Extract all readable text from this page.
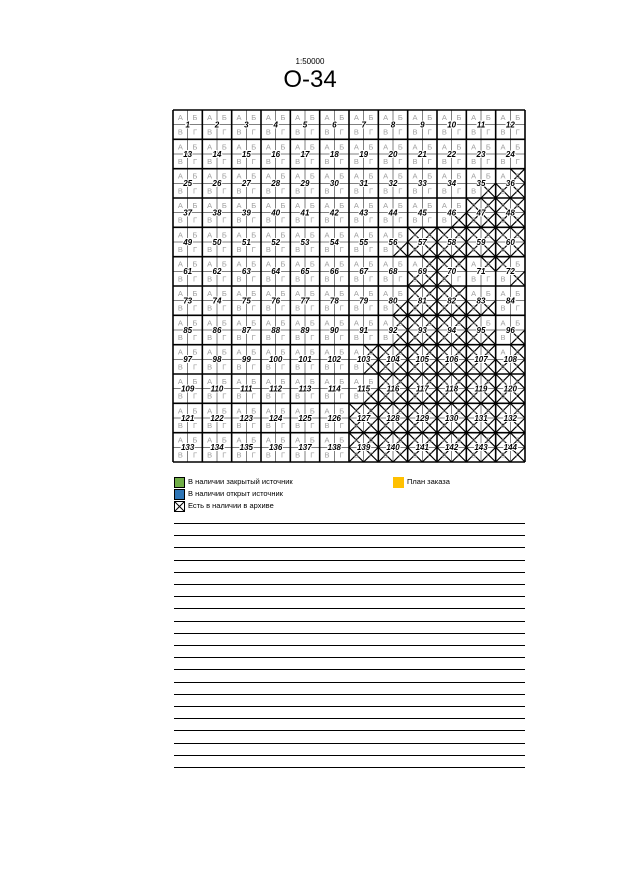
1:50000
O-34
А Б
В Г
А Б
В Г
А Б
В Г
А Б
В Г
А Б
В Г
А Б
В Г
А Б
В Г
А Б
В Г
А Б
В Г
А Б
В Г
А Б
В Г
А Б
В Г
А Б
В Г
А Б
В Г
А Б
В Г
А Б
В Г
А Б
В Г
А Б
В Г
А Б
В Г
А Б
В Г
А Б
В Г
А Б
В Г
А Б
В Г
А Б
В Г
А Б
В Г
А Б
В Г
А Б
В Г
А Б
В Г
А Б
В Г
А Б
В Г
А Б
В Г
А Б
В Г
А Б
В Г
А Б
В Г
А Б
В Г
А Б
В Г
А Б
В Г
А Б
В Г
А Б
В Г
А Б
В Г
А Б
В Г
А Б
В Г
А Б
В Г
А Б
В Г
А Б
В Г
А Б
В Г
А Б
В Г
А Б
В Г
А Б
В Г
А Б
В Г
А Б
В Г
А Б
В Г
А Б
В Г
А Б
В Г
А Б
В Г
А Б
В Г
А Б
В Г
А Б
В Г
А Б
В Г
А Б
В Г
А Б
В Г
А Б
В Г
А Б
В Г
А Б
В Г
А Б
В Г
А Б
В Г
А Б
В Г
А Б
В Г
А Б
В Г
А Б
В Г
А Б
В Г
А Б
В Г
А Б
В Г
А Б
В Г
А Б
В Г
А Б
В Г
А Б
В Г
А Б
В Г
А Б
В Г
А Б
В Г
А Б
В Г
А Б
В Г
А Б
В Г
А Б
В Г
А Б
В Г
А Б
В Г
А Б
В Г
А Б
В Г
А Б
В Г
А Б
В Г
А Б
В Г
А Б
В Г
А Б
В Г
А Б
В Г
А Б
В Г
А Б
В Г
А Б
В Г
А Б
В Г
А Б
В Г
А Б
В Г
А Б
В Г
А Б
В Г
А Б
В Г
А Б
В Г
А Б
В Г
А Б
В Г
А Б
В Г
А Б
В Г
А Б
В Г
А Б
В Г
А Б
В Г
А Б
В Г
А Б
В Г
А Б
В Г
А Б
В Г
А Б
В Г
А Б
В Г
А Б
В Г
А Б
В Г
А Б
В Г
А Б
В Г
А Б
В Г
А Б
В Г
А Б
В Г
А Б
В Г
А Б
В Г
А Б
В Г
А Б
В Г
А Б
В Г
А Б
В Г
А Б
В Г
А Б
В Г
А Б
В Г
А Б
В Г
А Б
В Г
А Б
В Г
А Б
В Г
А Б
В Г
А Б
В Г
А Б
В Г
А Б
В Г
А Б
В Г
А Б
В Г
А Б
В Г
1	2	3	4	5	6	7	8	9	10	11	12
13	14	15	16	17	18	19	20	21	22	23	24
25	26	27	28	29	30	31	32	33	34	35	36
37	38	39	40	41	42	43	44	45	46	47	48
49	50	51	52	53	54	55	56	57	58	59	60
61	62	63	64	65	66	67	68	69	70	71	72
73	74	75	76	77	78	79	80	81	82	83	84
85	86	87	88	89	90	91	92	93	94	95	96
97	98	99 100 101 102 103 104 105 106 107 108
109 110 111 112 113 114 115 116 117 118 119 120
121 122 123 124 125 126 127 128 129 130 131 132
133 134 135 136 137 138 139 140 141 142 143 144
В наличии закрытый источник
В наличии открыт источник
Есть в наличии в архиве
План заказа
